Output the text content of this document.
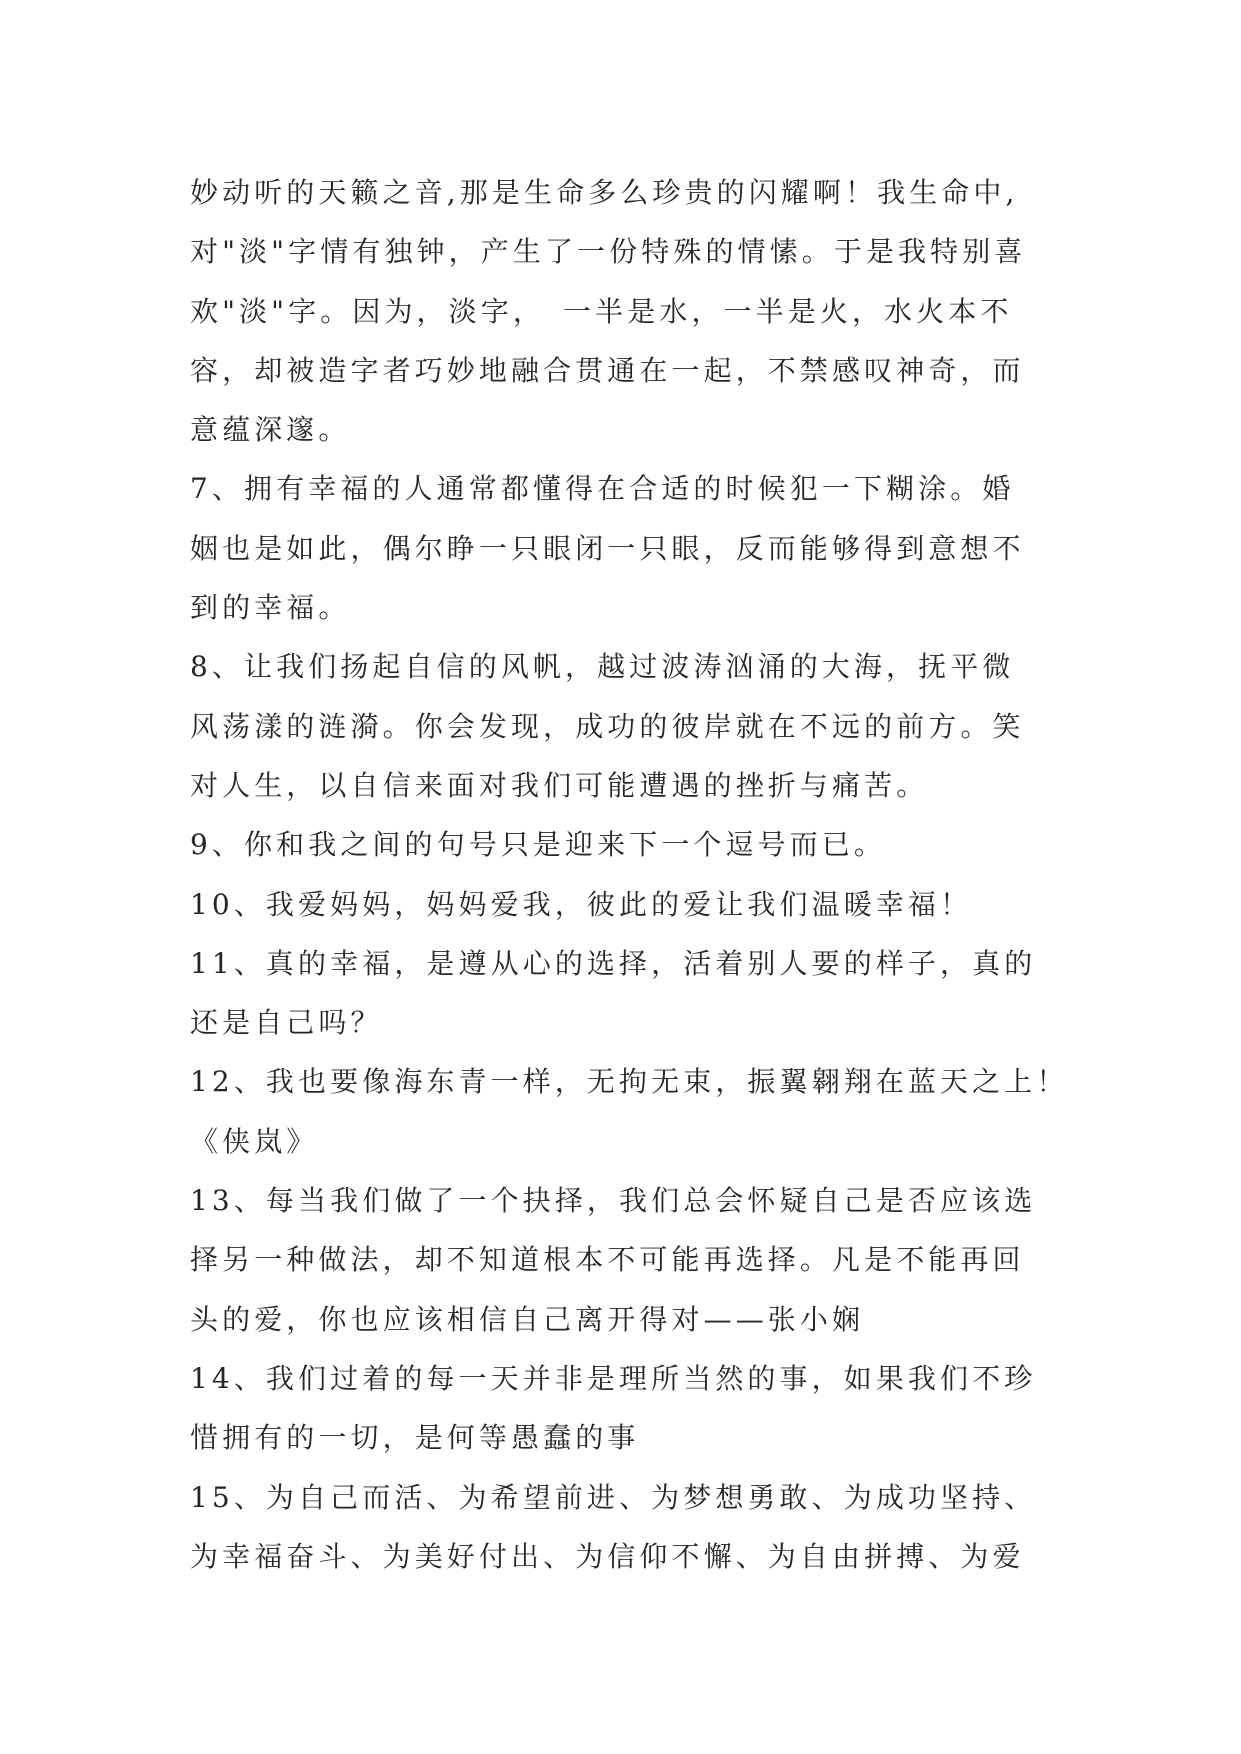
妙动听的天籁之音,那是生命多么珍贵的闪耀啊！我生命中,
对"淡"字情有独钟，产生了一份特殊的情愫。于是我特别喜
欢"淡"字。因为，淡字，　一半是水，一半是火，水火本不
容，却被造字者巧妙地融合贯通在一起，不禁感叹神奇，而
意蕴深邃。
7、拥有幸福的人通常都懂得在合适的时候犯一下糊涂。婚
姻也是如此，偶尔睁一只眼闭一只眼，反而能够得到意想不
到的幸福。
8、让我们扬起自信的风帆，越过波涛汹涌的大海，抚平微
风荡漾的涟漪。你会发现，成功的彼岸就在不远的前方。笑
对人生，以自信来面对我们可能遭遇的挫折与痛苦。
9、你和我之间的句号只是迎来下一个逗号而已。
10、我爱妈妈，妈妈爱我，彼此的爱让我们温暖幸福！
11、真的幸福，是遵从心的选择，活着别人要的样子，真的
还是自己吗？
12、我也要像海东青一样，无拘无束，振翼翱翔在蓝天之上！
《侠岚》
13、每当我们做了一个抉择，我们总会怀疑自己是否应该选
择另一种做法，却不知道根本不可能再选择。凡是不能再回
头的爱，你也应该相信自己离开得对——张小娴
14、我们过着的每一天并非是理所当然的事，如果我们不珍
惜拥有的一切，是何等愚蠢的事
15、为自己而活、为希望前进、为梦想勇敢、为成功坚持、
为幸福奋斗、为美好付出、为信仰不懈、为自由拼搏、为爱
